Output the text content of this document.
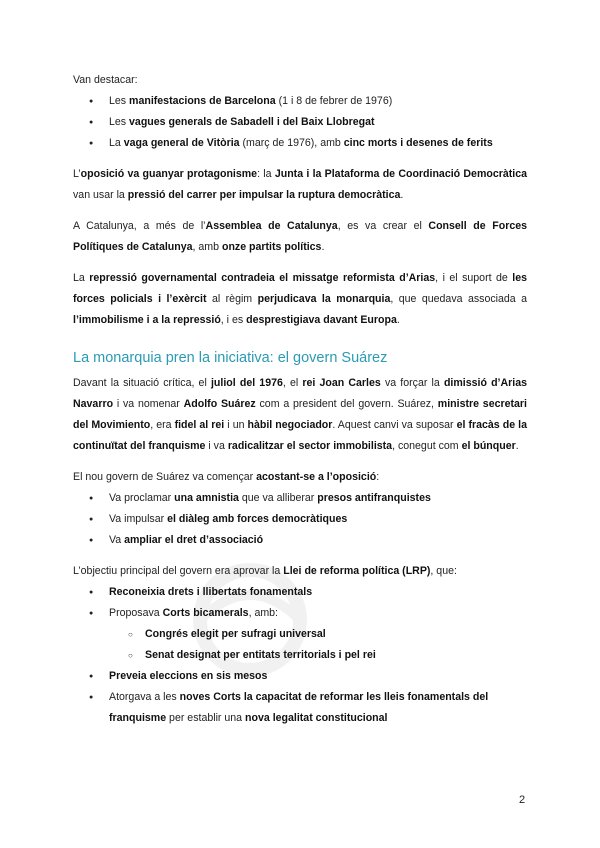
Van destacar:

● Les manifestacions de Barcelona (1 i 8 de febrer de 1976)
● Les vagues generals de Sabadell i del Baix Llobregat
● La vaga general de Vitòria (març de 1976), amb cinc morts i desenes de ferits

L’oposició va guanyar protagonisme: la Junta i la Plataforma de Coordinació Democràtica van usar la pressió del carrer per impulsar la ruptura democràtica.

A Catalunya, a més de l’Assemblea de Catalunya, es va crear el Consell de Forces Polítiques de Catalunya, amb onze partits polítics.

La repressió governamental contradeia el missatge reformista d’Arias, i el suport de les forces policials i l’exèrcit al règim perjudicava la monarquia, que quedava associada a l’immobilisme i a la repressió, i es desprestigiava davant Europa.

La monarquia pren la iniciativa: el govern Suárez

Davant la situació crítica, el juliol del 1976, el rei Joan Carles va forçar la dimissió d’Arias Navarro i va nomenar Adolfo Suárez com a president del govern. Suárez, ministre secretari del Movimiento, era fidel al rei i un hàbil negociador. Aquest canvi va suposar el fracàs de la continuïtat del franquisme i va radicalitzar el sector immobilista, conegut com el búnquer.

El nou govern de Suárez va començar acostant-se a l’oposició:

● Va proclamar una amnistia que va alliberar presos antifranquistes
● Va impulsar el diàleg amb forces democràtiques
● Va ampliar el dret d’associació

L’objectiu principal del govern era aprovar la Llei de reforma política (LRP), que:

● Reconeixia drets i llibertats fonamentals
● Proposava Corts bicamerals, amb:
○ Congrés elegit per sufragi universal
○ Senat designat per entitats territorials i pel rei
● Preveia eleccions en sis mesos
● Atorgava a les noves Corts la capacitat de reformar les lleis fonamentals del franquisme per establir una nova legalitat constitucional
2
